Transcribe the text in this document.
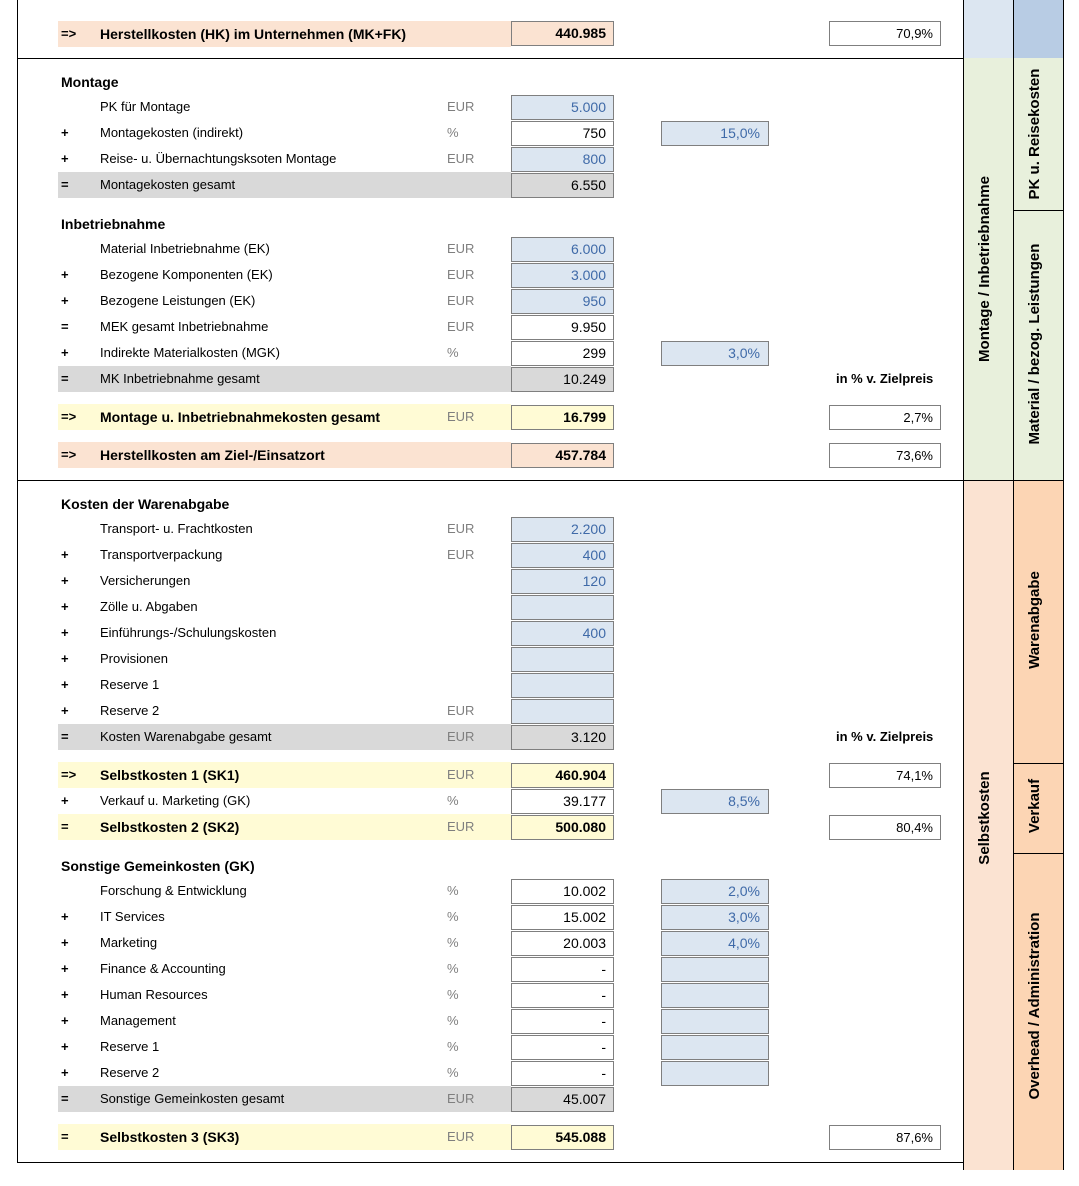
Montage / Inbetriebnahme
PK u. Reisekosten
Material / bezog. Leistungen
Selbstkosten
Warenabgabe
Verkauf
Overhead / Administration
=> Herstellkosten (HK) im Unternehmen (MK+FK)	440.985	70,9%
Montage
PK für Montage	EUR	5.000
+ Montagekosten (indirekt)	%	750	15,0%
+ Reise- u. Übernachtungsksoten Montage	EUR	800
= Montagekosten gesamt	6.550
Inbetriebnahme
Material Inbetriebnahme (EK)	EUR	6.000
+ Bezogene Komponenten (EK)	EUR	3.000
+ Bezogene Leistungen (EK)	EUR	950
= MEK gesamt Inbetriebnahme	EUR	9.950
+ Indirekte Materialkosten (MGK)	%	299	3,0%
= MK Inbetriebnahme gesamt	10.249	in % v. Zielpreis
=> Montage u. Inbetriebnahmekosten gesamt	EUR	16.799	2,7%
=> Herstellkosten am Ziel-/Einsatzort	457.784	73,6%
Kosten der Warenabgabe
Transport- u. Frachtkosten	EUR	2.200
+ Transportverpackung	EUR	400
+ Versicherungen	120
+ Zölle u. Abgaben
+ Einführungs-/Schulungskosten	400
+ Provisionen
+ Reserve 1
+ Reserve 2	EUR
= Kosten Warenabgabe gesamt	EUR	3.120	in % v. Zielpreis
=> Selbstkosten 1 (SK1)	EUR	460.904	74,1%
+ Verkauf u. Marketing (GK)	%	39.177	8,5%
= Selbstkosten 2 (SK2)	EUR	500.080	80,4%
Sonstige Gemeinkosten (GK)
Forschung & Entwicklung	%	10.002	2,0%
+ IT Services	%	15.002	3,0%
+ Marketing	%	20.003	4,0%
+ Finance & Accounting	%	-
+ Human Resources	%	-
+ Management	%	-
+ Reserve 1	%	-
+ Reserve 2	%	-
= Sonstige Gemeinkosten gesamt	EUR	45.007
= Selbstkosten 3 (SK3)	EUR	545.088	87,6%
